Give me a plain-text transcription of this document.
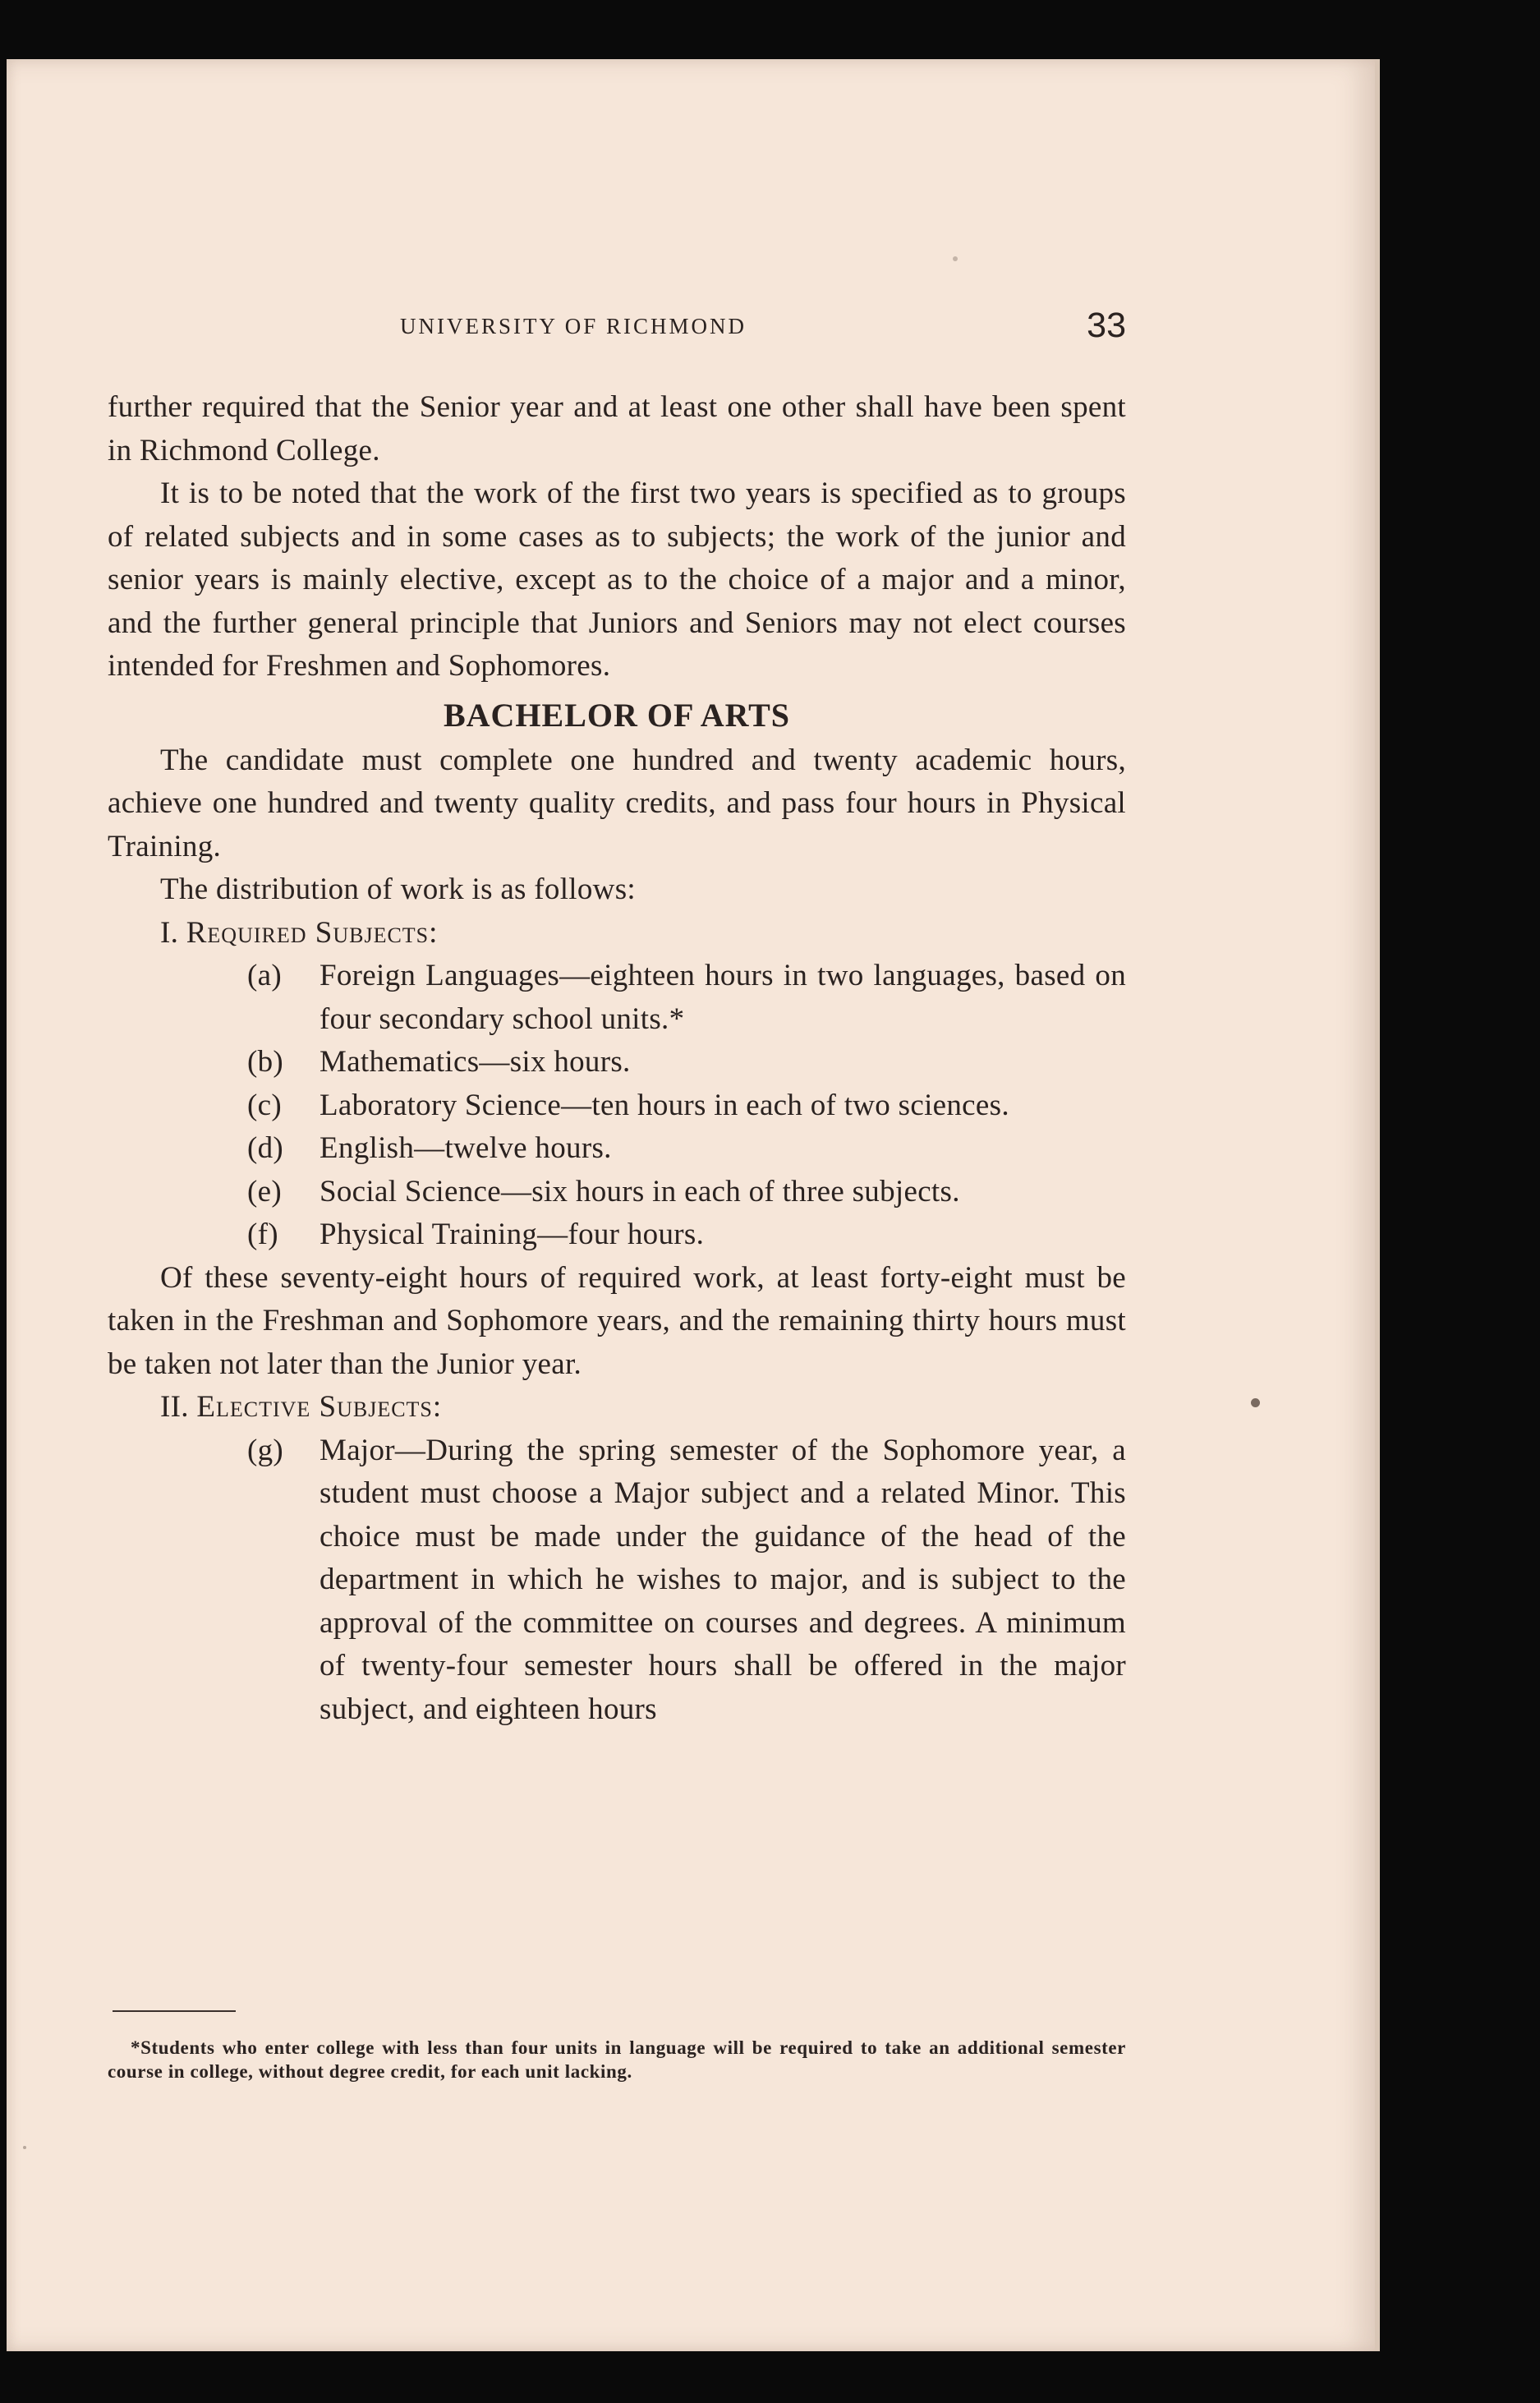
UNIVERSITY OF RICHMOND	33

further required that the Senior year and at least one other shall have been spent in Richmond College.

It is to be noted that the work of the first two years is specified as to groups of related subjects and in some cases as to subjects; the work of the junior and senior years is mainly elective, except as to the choice of a major and a minor, and the further general principle that Juniors and Seniors may not elect courses intended for Freshmen and Sophomores.

BACHELOR OF ARTS

The candidate must complete one hundred and twenty academic hours, achieve one hundred and twenty quality credits, and pass four hours in Physical Training.

The distribution of work is as follows:

I. Required Subjects:

(a)	Foreign Languages—eighteen hours in two languages, based on four secondary school units.*
(b)	Mathematics—six hours.
(c)	Laboratory Science—ten hours in each of two sciences.
(d)	English—twelve hours.
(e)	Social Science—six hours in each of three subjects.
(f)	Physical Training—four hours.

Of these seventy-eight hours of required work, at least forty-eight must be taken in the Freshman and Sophomore years, and the remaining thirty hours must be taken not later than the Junior year.

II. Elective Subjects:

(g)	Major—During the spring semester of the Sophomore year, a student must choose a Major subject and a related Minor. This choice must be made under the guidance of the head of the department in which he wishes to major, and is subject to the approval of the committee on courses and degrees. A minimum of twenty-four semester hours shall be offered in the major subject, and eighteen hours

*Students who enter college with less than four units in language will be required to take an additional semester course in college, without degree credit, for each unit lacking.
